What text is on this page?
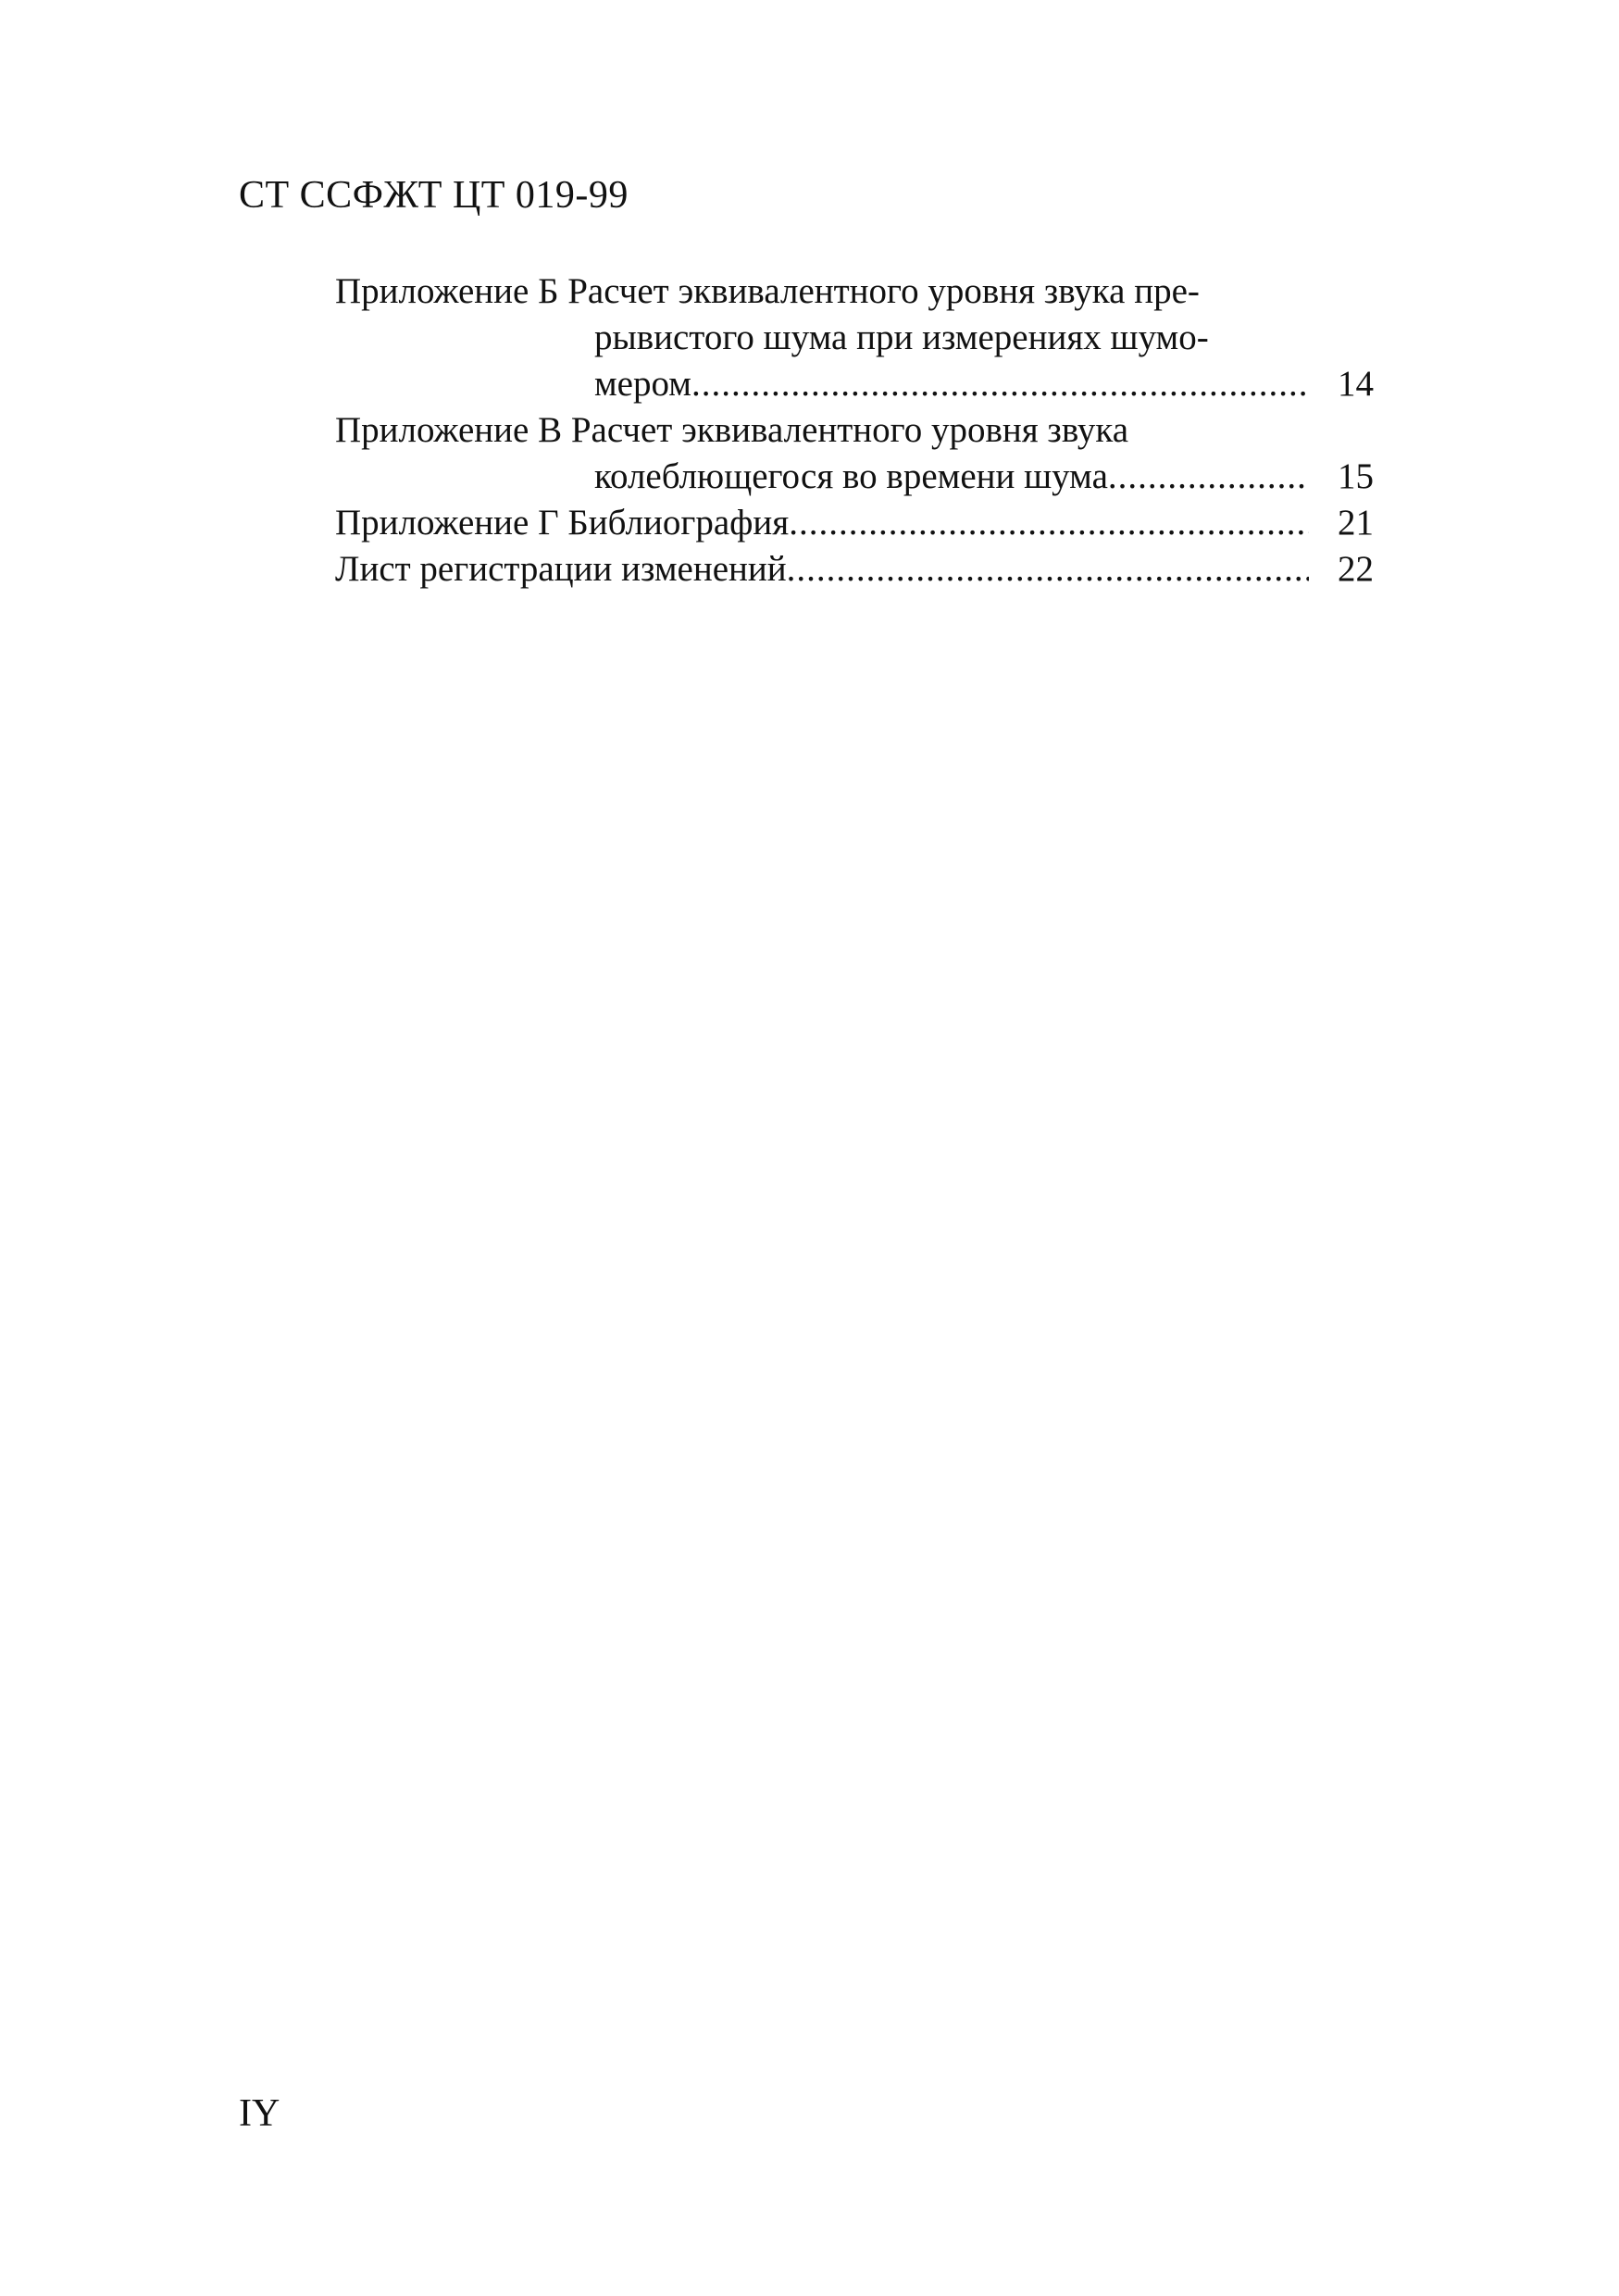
СТ ССФЖТ ЦТ 019-99
Приложение Б Расчет эквивалентного уровня звука пре-
рывистого шума при измерениях шумо-
мером .....	14
Приложение В Расчет эквивалентного уровня звука
колеблющегося во времени шума .....	15
Приложение Г Библиография .....	21
Лист регистрации изменений .....	22
IY
